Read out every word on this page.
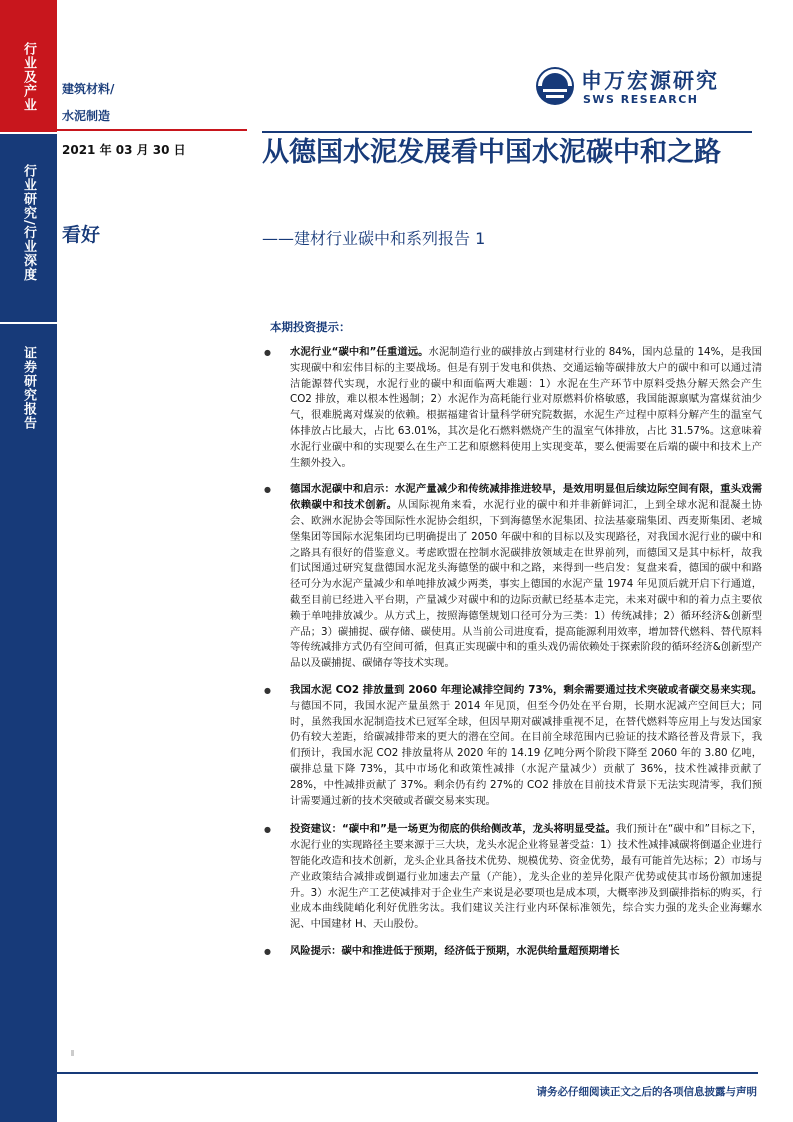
行业及产业
行业研究/行业深度
证券研究报告
建筑材料/
水泥制造
2021 年 03 月 30 日
看好
申万宏源研究
SWS RESEARCH
从德国水泥发展看中国水泥碳中和之路
——建材行业碳中和系列报告 1
本期投资提示：
● 水泥行业“碳中和”任重道远。水泥制造行业的碳排放占到建材行业的 84%，国内总量的 14%，是我国实现碳中和宏伟目标的主要战场。但是有别于发电和供热、交通运输等碳排放大户的碳中和可以通过清洁能源替代实现，水泥行业的碳中和面临两大难题：1）水泥在生产环节中原料受热分解天然会产生 CO2 排放，难以根本性遏制；2）水泥作为高耗能行业对原燃料价格敏感，我国能源禀赋为富煤贫油少气，很难脱离对煤炭的依赖。根据福建省计量科学研究院数据，水泥生产过程中原料分解产生的温室气体排放占比最大，占比 63.01%，其次是化石燃料燃烧产生的温室气体排放，占比 31.57%。这意味着水泥行业碳中和的实现要么在生产工艺和原燃料使用上实现变革，要么便需要在后端的碳中和技术上产生额外投入。
● 德国水泥碳中和启示：水泥产量减少和传统减排推进较早，是效用明显但后续边际空间有限，重头戏需依赖碳中和技术创新。从国际视角来看，水泥行业的碳中和并非新鲜词汇，上到全球水泥和混凝土协会、欧洲水泥协会等国际性水泥协会组织，下到海德堡水泥集团、拉法基豪瑞集团、西麦斯集团、老城堡集团等国际水泥集团均已明确提出了 2050 年碳中和的目标以及实现路径，对我国水泥行业的碳中和之路具有很好的借鉴意义。考虑欧盟在控制水泥碳排放领域走在世界前列，而德国又是其中标杆，故我们试图通过研究复盘德国水泥龙头海德堡的碳中和之路，来得到一些启发：复盘来看，德国的碳中和路径可分为水泥产量减少和单吨排放减少两类，事实上德国的水泥产量 1974 年见顶后就开启下行通道，截至目前已经进入平台期，产量减少对碳中和的边际贡献已经基本走完，未来对碳中和的着力点主要依赖于单吨排放减少。从方式上，按照海德堡规划口径可分为三类：1）传统减排；2）循环经济&创新型产品；3）碳捕捉、碳存储、碳使用。从当前公司进度看，提高能源利用效率，增加替代燃料、替代原料等传统减排方式仍有空间可循，但真正实现碳中和的重头戏仍需依赖处于探索阶段的循环经济&创新型产品以及碳捕捉、碳储存等技术实现。
● 我国水泥 CO2 排放量到 2060 年理论减排空间约 73%，剩余需要通过技术突破或者碳交易来实现。与德国不同，我国水泥产量虽然于 2014 年见顶，但至今仍处在平台期，长期水泥减产空间巨大；同时，虽然我国水泥制造技术已冠军全球，但因早期对碳减排重视不足，在替代燃料等应用上与发达国家仍有较大差距，给碳减排带来的更大的潜在空间。在目前全球范围内已验证的技术路径普及背景下，我们预计，我国水泥 CO2 排放量将从 2020 年的 14.19 亿吨分两个阶段下降至 2060 年的 3.80 亿吨，碳排总量下降 73%，其中市场化和政策性减排（水泥产量减少）贡献了 36%，技术性减排贡献了 28%，中性减排贡献了 37%。剩余仍有约 27%的 CO2 排放在目前技术背景下无法实现清零，我们预计需要通过新的技术突破或者碳交易来实现。
● 投资建议：“碳中和”是一场更为彻底的供给侧改革，龙头将明显受益。我们预计在“碳中和”目标之下，水泥行业的实现路径主要来源于三大块，龙头水泥企业将显著受益：1）技术性减排减碳将倒逼企业进行智能化改造和技术创新，龙头企业具备技术优势、规模优势、资金优势，最有可能首先达标；2）市场与产业政策结合减排或倒逼行业加速去产量（产能），龙头企业的差异化限产优势或使其市场份额加速提升。3）水泥生产工艺使减排对于企业生产来说是必要项也是成本项，大概率涉及到碳排指标的购买，行业成本曲线陡峭化利好优胜劣汰。我们建议关注行业内环保标准领先，综合实力强的龙头企业海螺水泥、中国建材 H、天山股份。
● 风险提示：碳中和推进低于预期，经济低于预期，水泥供给量超预期增长
请务必仔细阅读正文之后的各项信息披露与声明
